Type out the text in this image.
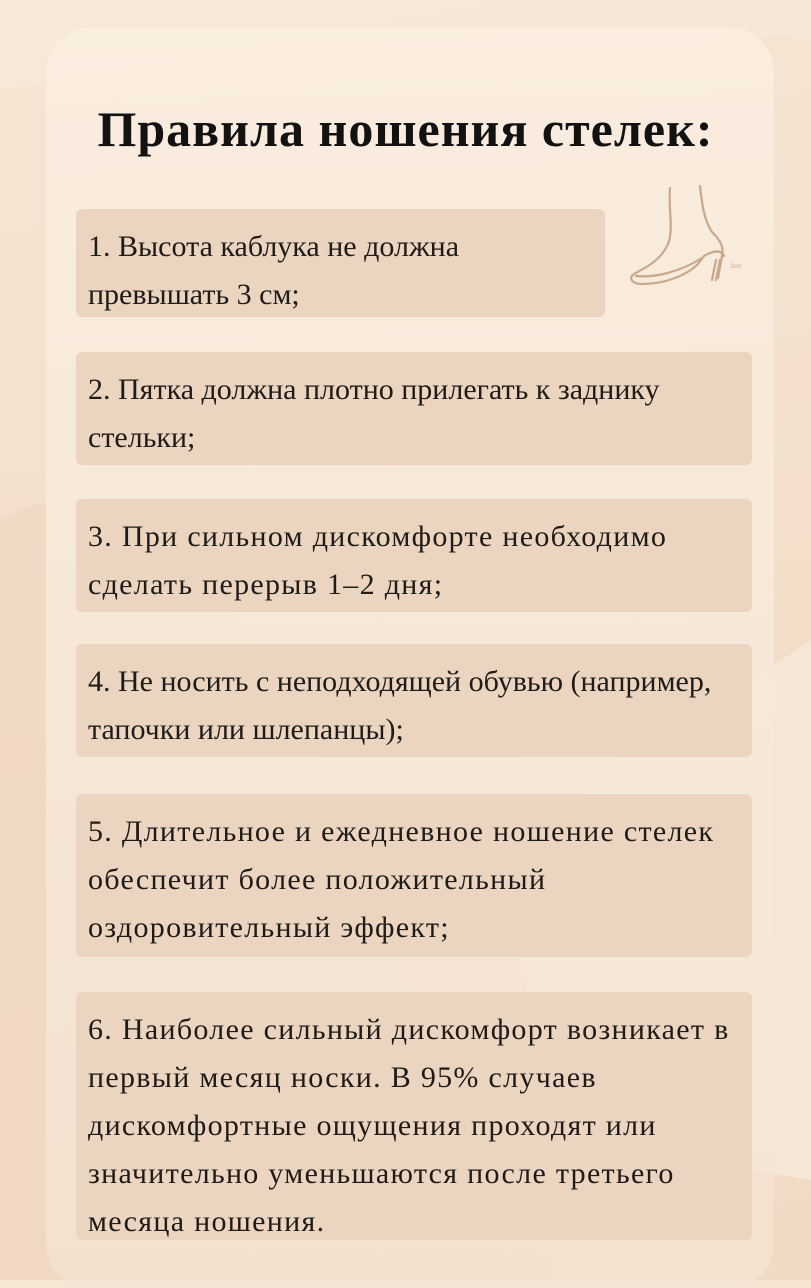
Правила ношения стелек:
3cm

1. Высота каблука не должна превышать 3 см;

2. Пятка должна плотно прилегать к заднику стельки;

3. При сильном дискомфорте необходимо сделать перерыв 1–2 дня;

4. Не носить с неподходящей обувью (например, тапочки или шлепанцы);

5. Длительное и ежедневное ношение стелек обеспечит более положительный оздоровительный эффект;

6. Наиболее сильный дискомфорт возникает в первый месяц носки. В 95% случаев дискомфортные ощущения проходят или значительно уменьшаются после третьего месяца ношения.
